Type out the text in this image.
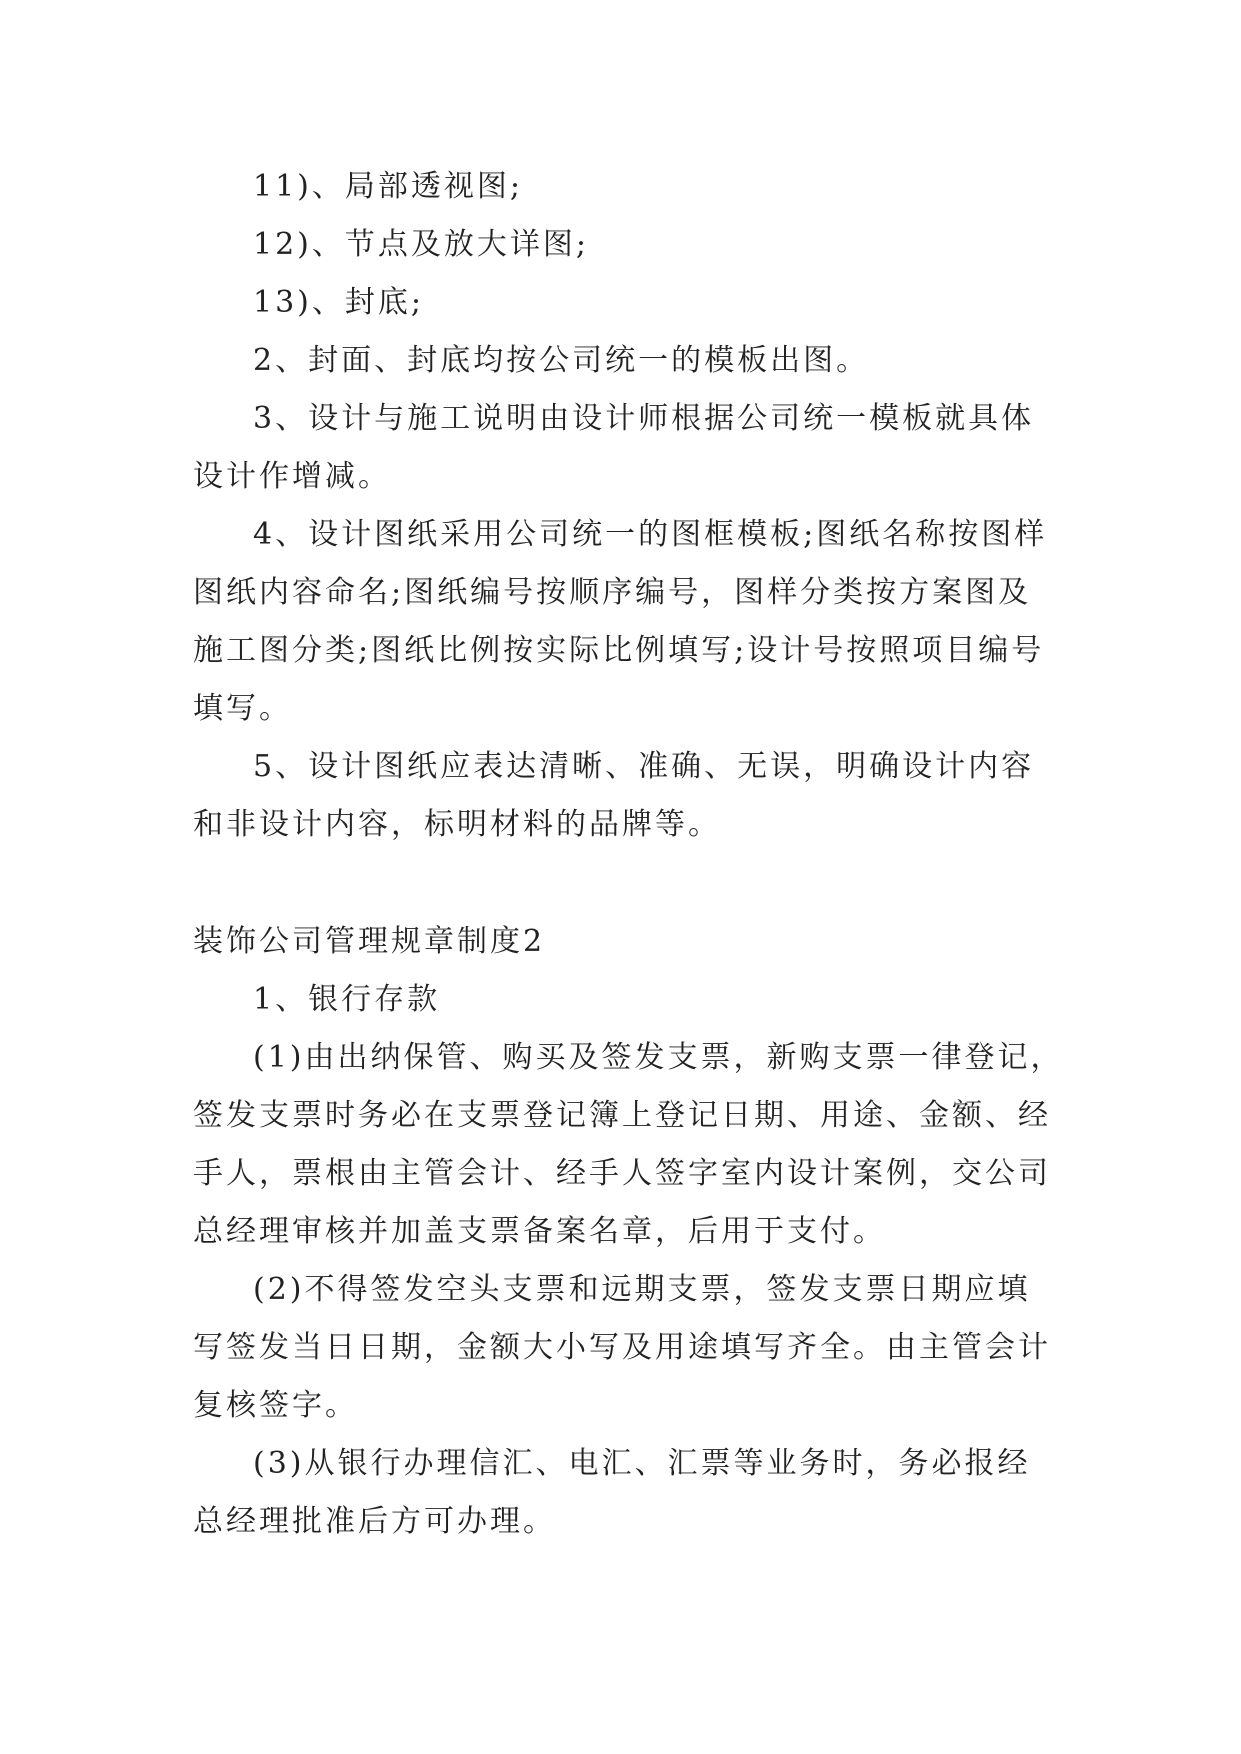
11)、局部透视图;
12)、节点及放大详图;
13)、封底;
2、封面、封底均按公司统一的模板出图。
3、设计与施工说明由设计师根据公司统一模板就具体
设计作增减。
4、设计图纸采用公司统一的图框模板;图纸名称按图样
图纸内容命名;图纸编号按顺序编号，图样分类按方案图及
施工图分类;图纸比例按实际比例填写;设计号按照项目编号
填写。
5、设计图纸应表达清晰、准确、无误，明确设计内容
和非设计内容，标明材料的品牌等。
装饰公司管理规章制度2
1、银行存款
(1)由出纳保管、购买及签发支票，新购支票一律登记，
签发支票时务必在支票登记簿上登记日期、用途、金额、经
手人，票根由主管会计、经手人签字室内设计案例，交公司
总经理审核并加盖支票备案名章，后用于支付。
(2)不得签发空头支票和远期支票，签发支票日期应填
写签发当日日期，金额大小写及用途填写齐全。由主管会计
复核签字。
(3)从银行办理信汇、电汇、汇票等业务时，务必报经
总经理批准后方可办理。
